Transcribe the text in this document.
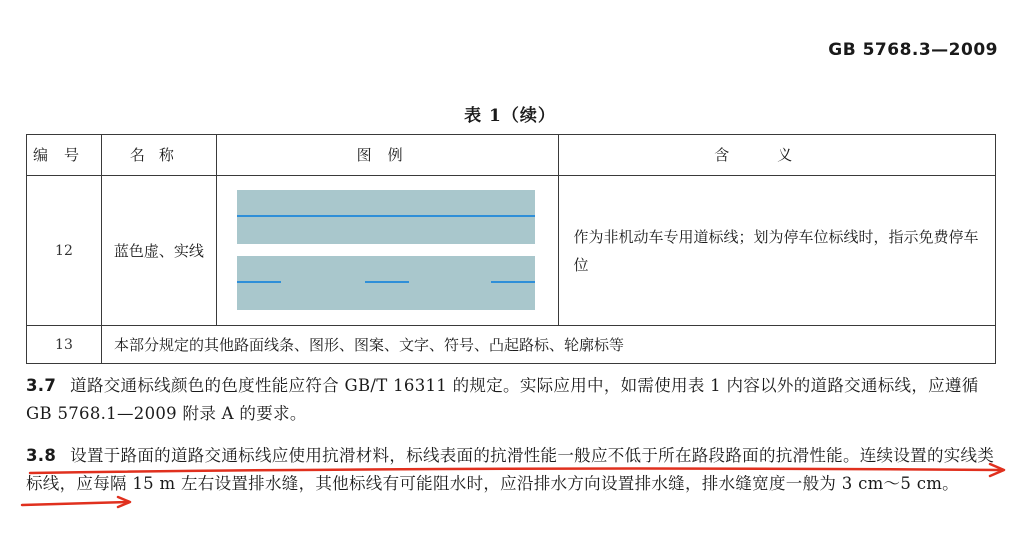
GB 5768.3—2009
表 1（续）
编号	名称	图例	含义
12	蓝色虚、实线		作为非机动车专用道标线；划为停车位标线时，指示免费停车位
13	本部分规定的其他路面线条、图形、图案、文字、符号、凸起路标、轮廓标等		
3.7 道路交通标线颜色的色度性能应符合 GB/T 16311 的规定。实际应用中，如需使用表 1 内容以外的道路交通标线，应遵循 GB 5768.1—2009 附录 A 的要求。
3.8 设置于路面的道路交通标线应使用抗滑材料，标线表面的抗滑性能一般应不低于所在路段路面的抗滑性能。连续设置的实线类标线，应每隔 15 m 左右设置排水缝，其他标线有可能阻水时，应沿排水方向设置排水缝，排水缝宽度一般为 3 cm～5 cm。
